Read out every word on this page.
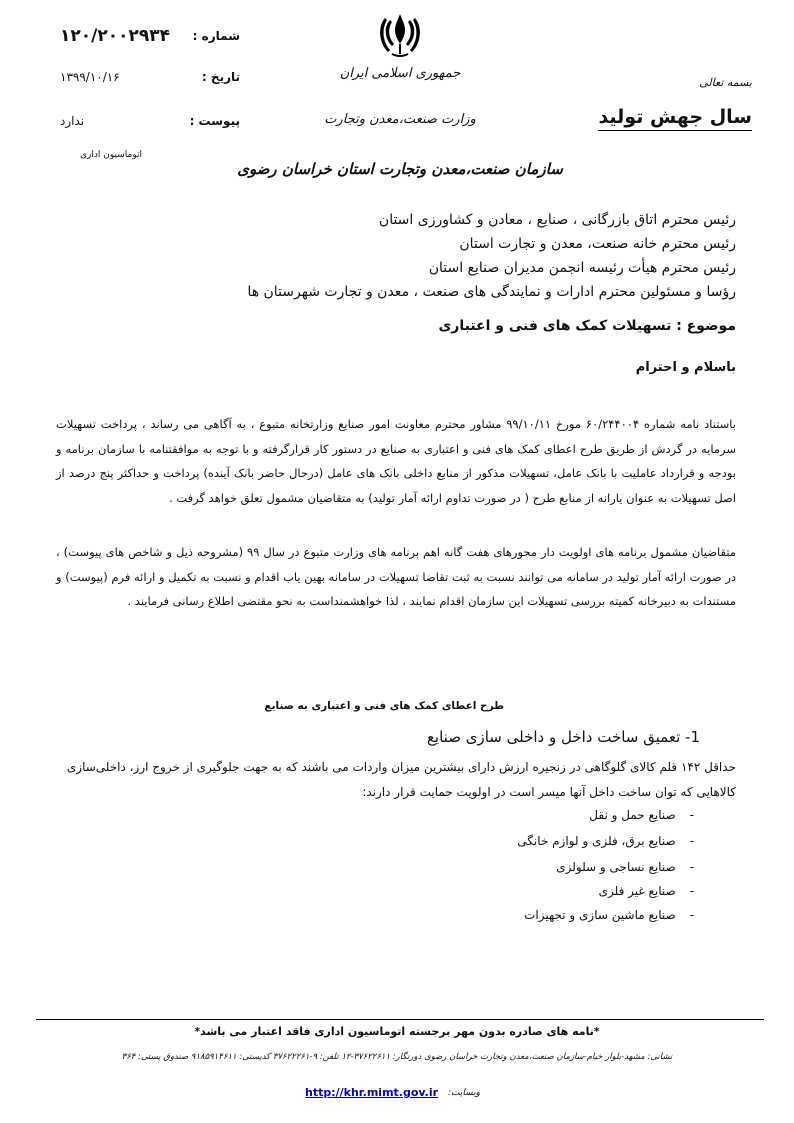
شماره :
۱۲۰/۲۰۰۲۹۳۴
تاریخ :
۱۳۹۹/۱۰/۱۶
پیوست :
ندارد
اتوماسیون اداری
جمهوری اسلامی ایران
وزارت صنعت،معدن وتجارت
سازمان صنعت،معدن وتجارت استان خراسان رضوی
بسمه تعالی
سال جهش تولید
رئیس محترم اتاق بازرگانی ، صنایع ، معادن و کشاورزی استان
رئیس محترم خانه صنعت، معدن و تجارت استان
رئیس محترم هیأت رئیسه انجمن مدیران صنایع استان
رؤسا و مسئولین محترم ادارات و نمایندگی های صنعت ، معدن و تجارت شهرستان ها
موضوع : تسهیلات کمک های فنی و اعتباری
باسلام و احترام
باستناد نامه شماره ۶۰/۲۴۴۰۰۴ مورخ ۹۹/۱۰/۱۱ مشاور محترم معاونت امور صنایع وزارتخانه متبوع ، به آگاهی می رساند ، پرداخت تسهیلات سرمایه در گردش از طریق طرح اعطای کمک های فنی و اعتباری به صنایع در دستور کار قرارگرفته و با توجه به موافقتنامه با سازمان برنامه و بودجه و قرارداد عاملیت با بانک عامل، تسهیلات مذکور از منابع داخلی بانک های عامل (درحال حاضر بانک آینده) پرداخت و حداکثر پنج درصد از اصل تسهیلات به عنوان یارانه از منابع طرح ( در صورت تداوم ارائه آمار تولید) به متقاضیان مشمول تعلق خواهد گرفت .
متقاضیان مشمول برنامه های اولویت دار محورهای هفت گانه اهم برنامه های وزارت متبوع در سال ۹۹ (مشروحه ذیل و شاخص های پیوست) ، در صورت ارائه آمار تولید در سامانه می توانند نسبت به ثبت تقاضا تسهیلات در سامانه بهین یاب اقدام و نسبت به تکمیل و ارائه فرم (پیوست) و مستندات به دبیرخانه کمیته بررسی تسهیلات این سازمان اقدام نمایند ، لذا خواهشمنداست به نحو مقتضی اطلاع رسانی فرمایند .
طرح اعطای کمک های فنی و اعتباری به صنایع
1- تعمیق ساخت داخل و داخلی سازی صنایع
حداقل ۱۴۲ قلم کالای گلوگاهی در زنجیره ارزش دارای بیشترین میزان واردات می باشند که به جهت جلوگیری از خروج ارز، داخلی‌سازی کالاهایی که توان ساخت داخل آنها میسر است در اولویت حمایت قرار دارند:
-صنایع حمل و نقل
-صنایع برق، فلزی و لوازم خانگی
-صنایع نساجی و سلولزی
-صنایع غیر فلزی
-صنایع ماشین سازی و تجهیزات
*نامه های صادره بدون مهر برجسته اتوماسیون اداری فاقد اعتبار می باشد*
نشانی: مشهد-بلوار خیام-سازمان صنعت،معدن وتجارت خراسان رضوی دورنگار: ۳۷۶۲۲۶۱۱-۱۲ تلفن: ۹-۳۷۶۲۲۲۶۱ کدپستی: ۹۱۸۵۹۱۴۶۱۱ صندوق پستی: ۳۶۴
http://khr.mimt.gov.ir وبسایت:
